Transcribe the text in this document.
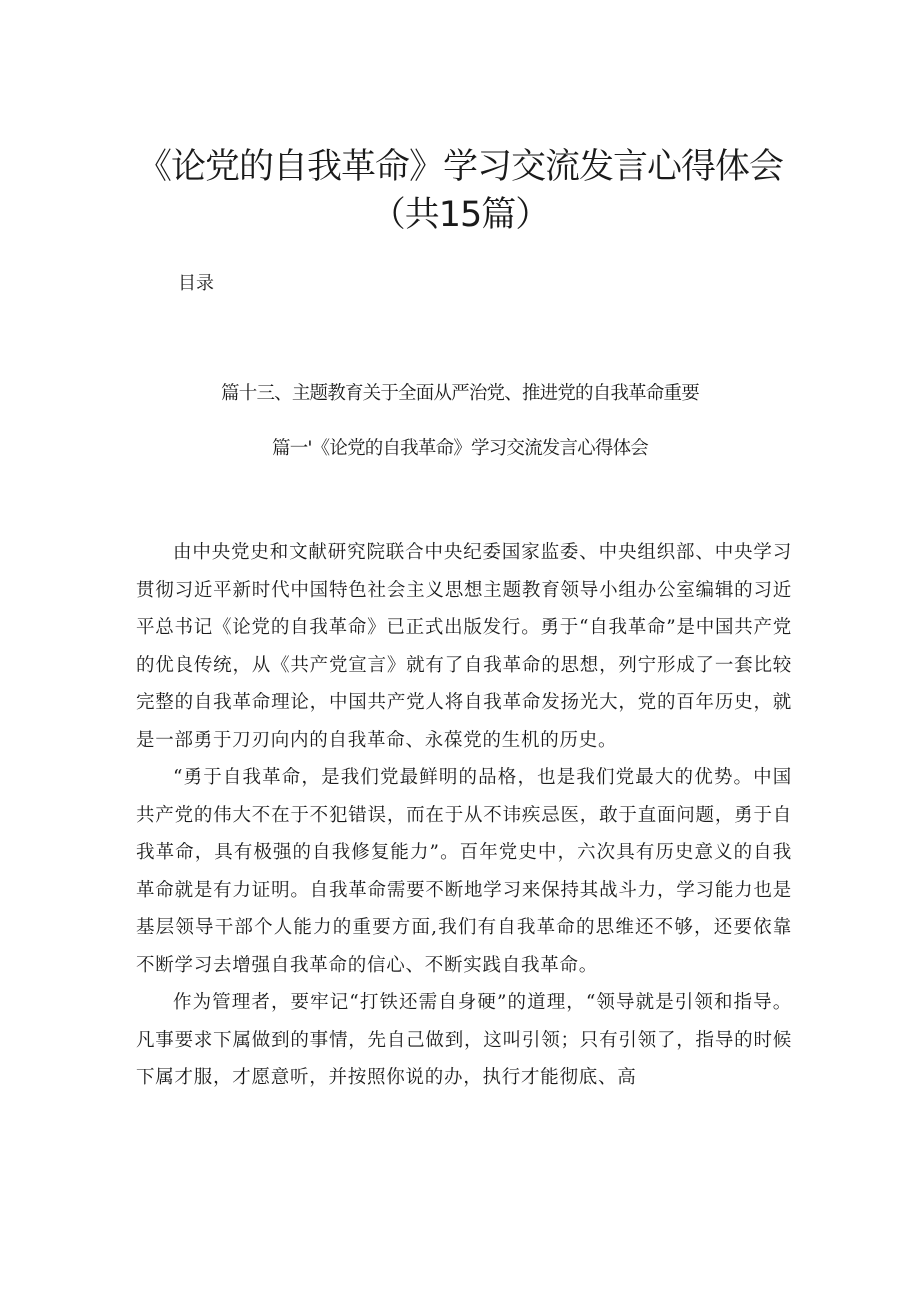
《论党的自我革命》学习交流发言心得体会
（共15篇）
目录
篇十三、主题教育关于全面从严治党、推进党的自我革命重要
篇一'《论党的自我革命》学习交流发言心得体会

由中央党史和文献研究院联合中央纪委国家监委、中央组织部、中央学习贯彻习近平新时代中国特色社会主义思想主题教育领导小组办公室编辑的习近平总书记《论党的自我革命》已正式出版发行。勇于“自我革命”是中国共产党的优良传统，从《共产党宣言》就有了自我革命的思想，列宁形成了一套比较完整的自我革命理论，中国共产党人将自我革命发扬光大，党的百年历史，就是一部勇于刀刃向内的自我革命、永葆党的生机的历史。

“勇于自我革命，是我们党最鲜明的品格，也是我们党最大的优势。中国共产党的伟大不在于不犯错误，而在于从不讳疾忌医，敢于直面问题，勇于自我革命，具有极强的自我修复能力”。百年党史中，六次具有历史意义的自我革命就是有力证明。自我革命需要不断地学习来保持其战斗力，学习能力也是基层领导干部个人能力的重要方面,我们有自我革命的思维还不够，还要依靠不断学习去增强自我革命的信心、不断实践自我革命。

作为管理者，要牢记“打铁还需自身硬”的道理，“领导就是引领和指导。凡事要求下属做到的事情，先自己做到，这叫引领；只有引领了，指导的时候下属才服，才愿意听，并按照你说的办，执行才能彻底、高
